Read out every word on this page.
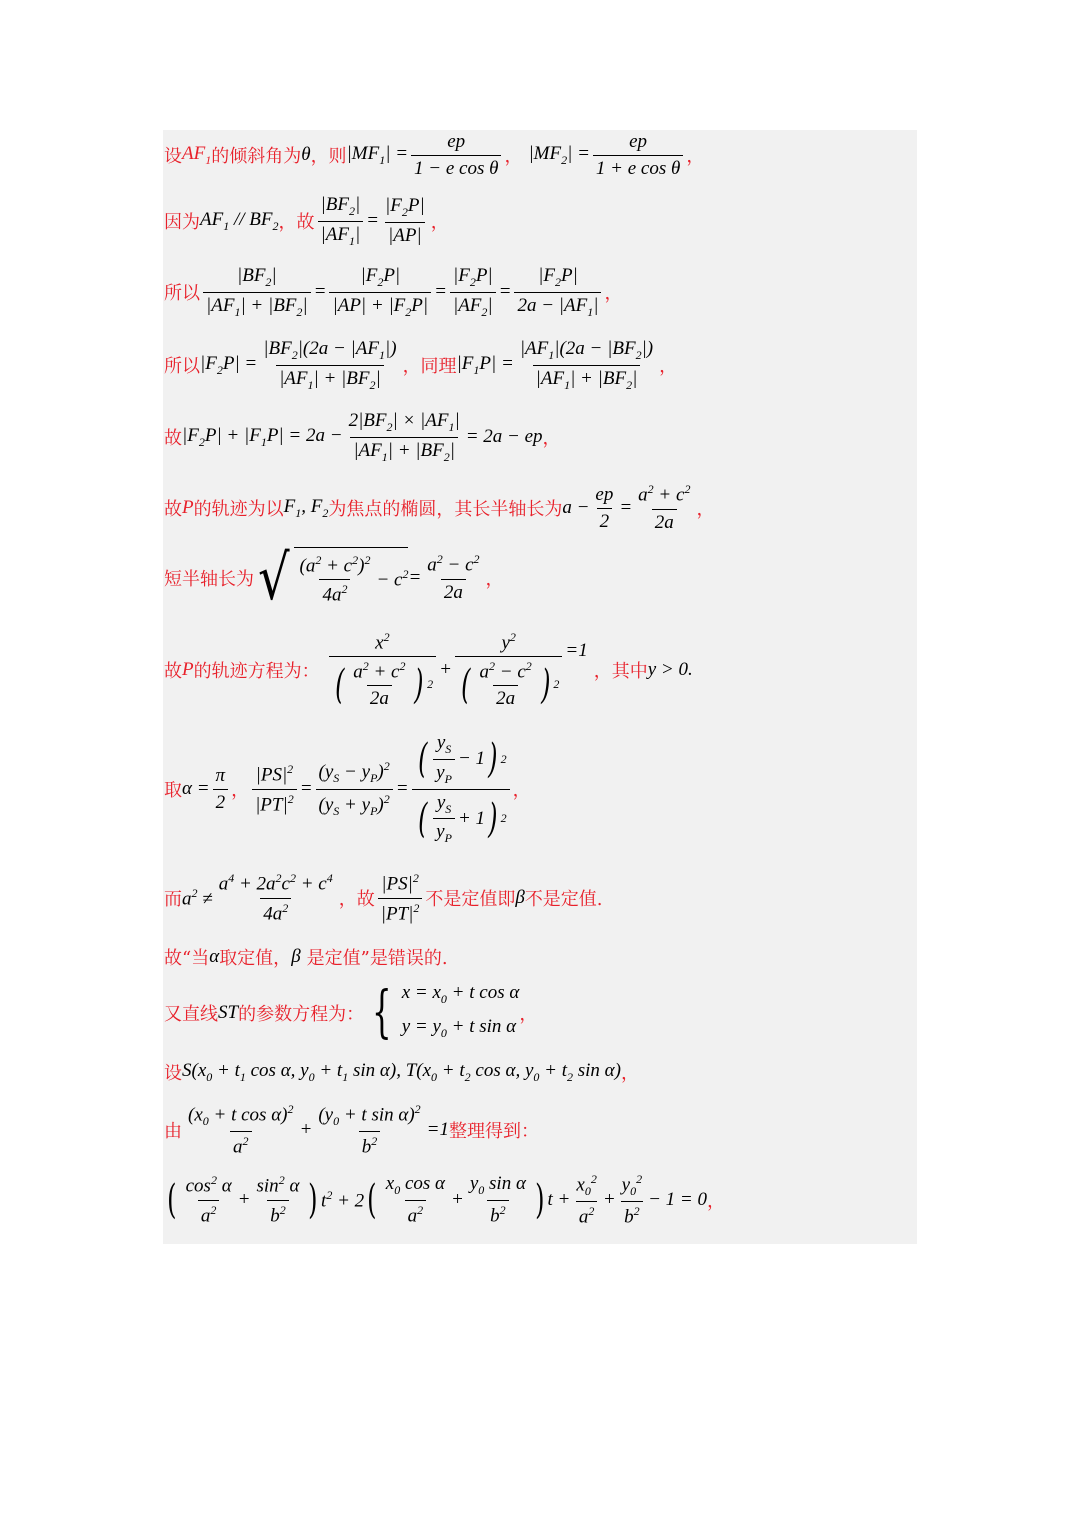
设 $AF_1$ 的倾斜角为 θ ，则 $|MF_1| = \frac{ep}{\text{1 − e cos θ}}$ ， $|MF_2| = \frac{ep}{\text{1 + e cos θ}}$ ，
因为 $AF_1 // BF_2$ ， 故 $\frac{|BF_2|}{|AF_1|} = \frac{|F_2P|}{|AP|}$ ，
所以 $\frac{|BF_2|}{|AF_1| + |BF_2|} = \frac{|F_2P|}{|AP| + |F_2P|} = \frac{|F_2P|}{|AF_2|} = \frac{|F_2P|}{2a - |AF_1|}$ ，
所以 $|F_2P| = \frac{|BF_2|(2a - |AF_1|)}{|AF_1| + |BF_2|}$ ，同理 $|F_1P| = \frac{|AF_1|(2a - |BF_2|)}{|AF_1| + |BF_2|}$ ，
故 $|F_2P| + |F_1P| = 2a - \frac{2|BF_2| \times |AF_1|}{|AF_1| + |BF_2|} = 2a$ − ep ，
故 P 的轨迹为以 $F_1$, $F_2$ 为焦点的椭圆，其长半轴长为 $a - \frac{ep}{2} = \frac{a^2 + c^2}{2a}$ ，
短半轴长为 √ $\frac{(a^2 + c^2)^2}{4a^2} - c^2 = \frac{a^2 - c^2}{2a}$ ，
故 P 的轨迹方程为： $\frac{x^2}{( \frac{a^2 + c^2}{2a} ) 2} + \frac{y^2}{( \frac{a^2 - c^2}{2a} ) 2} =1$
，其中 y > 0 .
取 $\alpha = \frac{\pi}{2}$ ， $\frac{|PS|^2}{|PT|^2} = \frac{(y_S - y_P)^2}{(y_S + y_P)^2} = \frac{( \frac{y_S}{y_P} - 1 ) 2}{( \frac{y_S}{y_P} + 1 ) 2}$ ，
而 $a^2 \ne \frac{a^4 + 2a^2c^2 + c^4}{4a^2}$ ，故 $\frac{|PS|^2}{|PT|^2}$ 不是定值即 β 不是定值.
故“当 α 取定值， β 是定值”是错误的.
又直线 ST 的参数方程为： { $x = x_0 + t$ cos α
$y = y_0 + t$ sin α
，
设 $S(x_0 + t_1$ cos α, $y_0 + t_1$ sin α), $T(x_0 + t_2$ cos α, $y_0 + t_2$ sin α) ，
由 $\frac{(x_0 + t \cos \alpha)^2}{a^2} + \frac{(y_0 + t \sin \alpha)^2}{b^2} =1$ 整理得到：
( $\frac{\cos^2 \alpha}{a^2} + \frac{\sin^2 \alpha}{b^2}$ ) $t^2 + 2$ ( $\frac{x_0 \cos \alpha}{a^2} + \frac{y_0 \sin \alpha}{b^2}$ ) $t + \frac{x_0^2}{a^2} + \frac{y_0^2}{b^2} - 1 = 0$ ，
